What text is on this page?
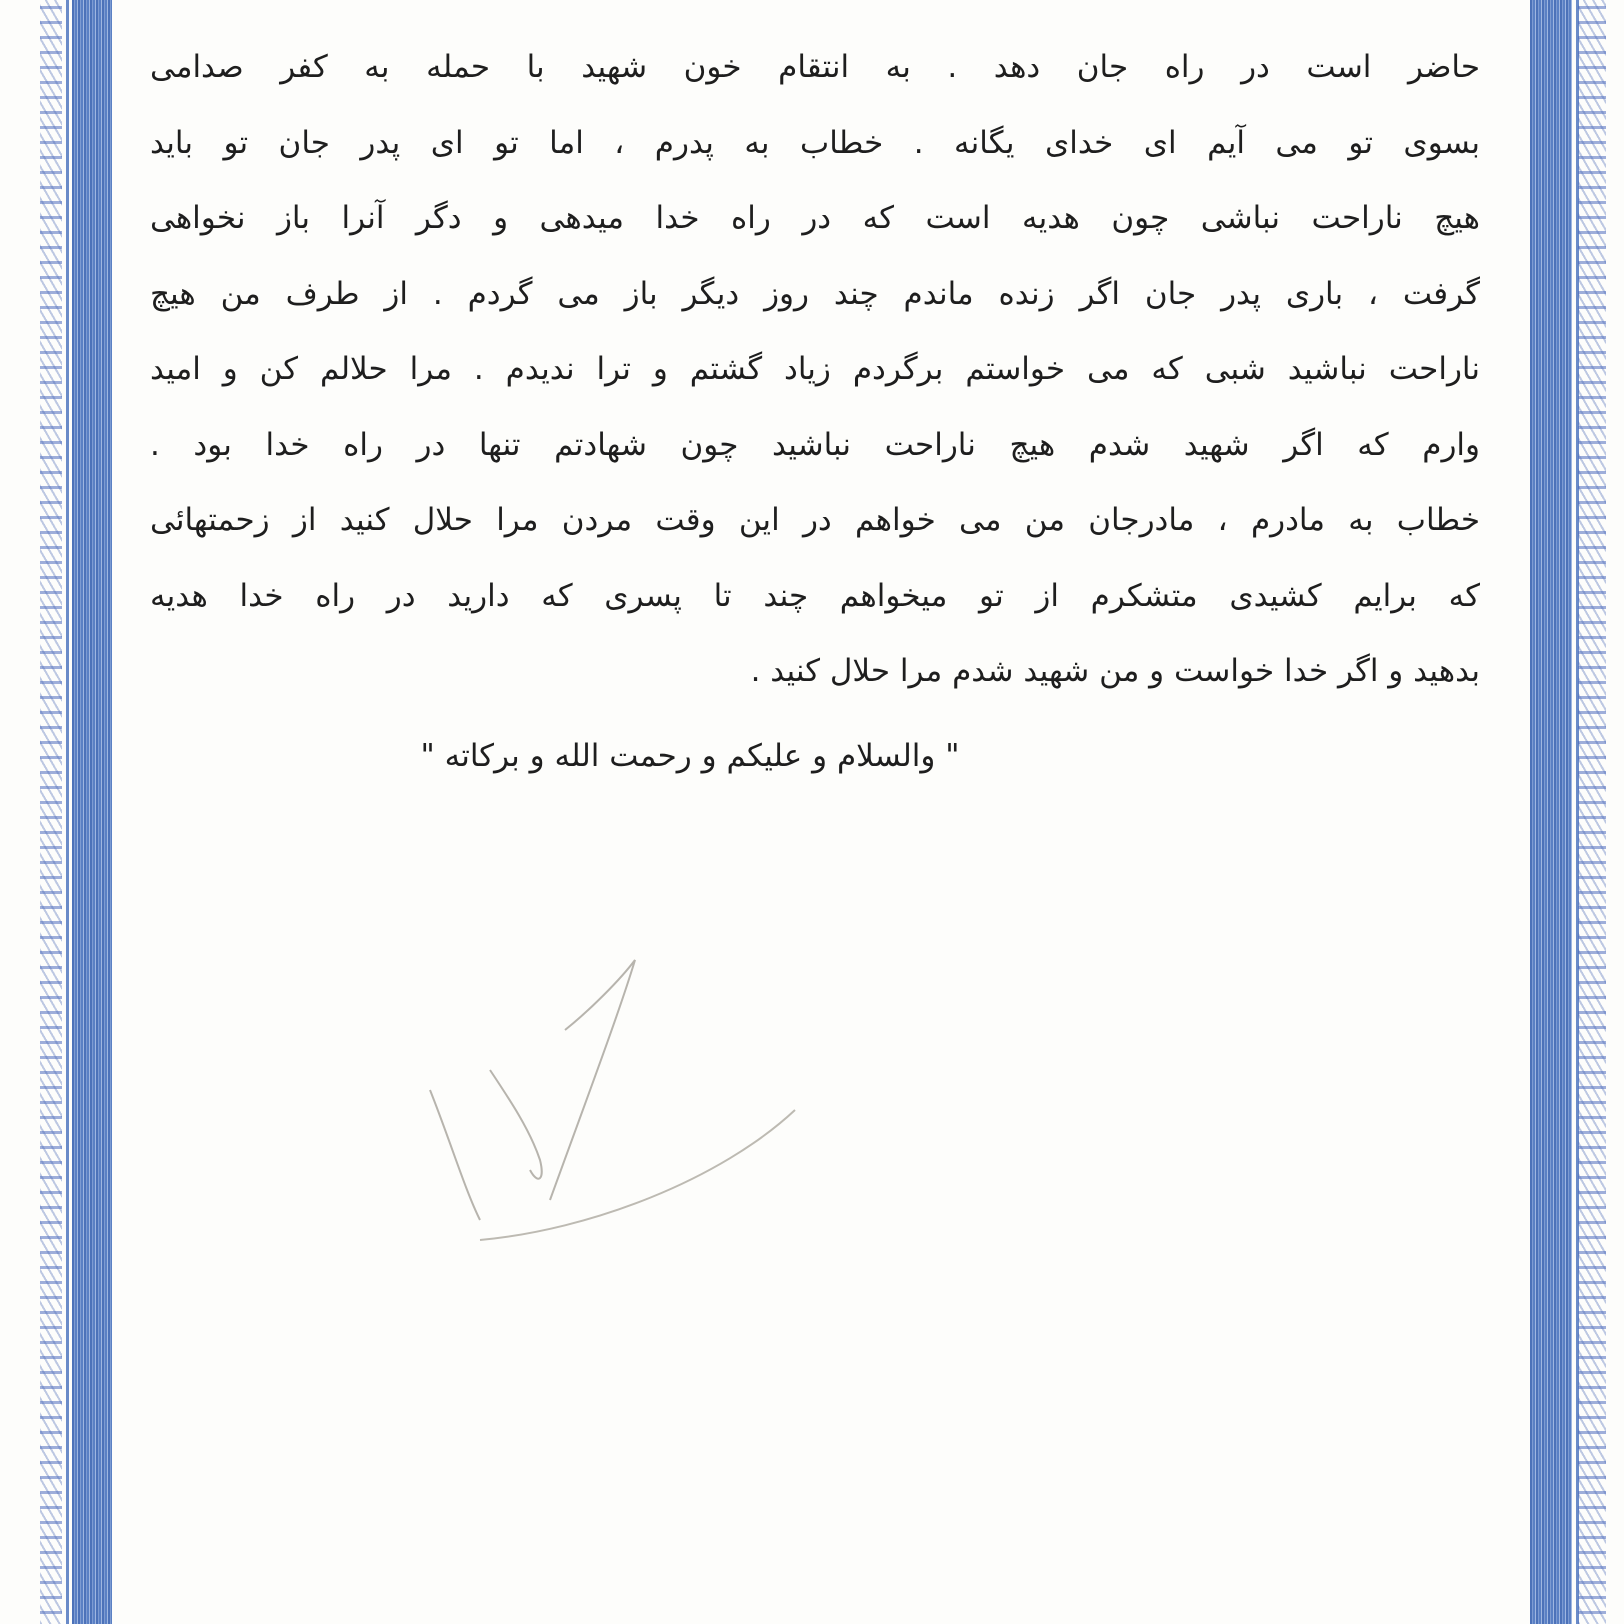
حاضر است در راه جان دهد . به انتقام خون شهید با حمله به کفر صدامی
بسوی تو می آیم ای خدای یگانه . خطاب به پدرم ، اما تو ای پدر جان تو باید
هیچ ناراحت نباشی چون هدیه است که در راه خدا میدهی و دگر آنرا باز نخواهی
گرفت ، باری پدر جان اگر زنده ماندم چند روز دیگر باز می گردم . از طرف من هیچ
ناراحت نباشید شبی که می خواستم برگردم زیاد گشتم و ترا ندیدم . مرا حلالم کن و امید
وارم که اگر شهید شدم هیچ ناراحت نباشید چون شهادتم تنها در راه خدا بود .
خطاب به مادرم ، مادرجان من می خواهم در این وقت مردن مرا حلال کنید از زحمتهائی
که برایم کشیدی متشکرم از تو میخواهم چند تا پسری که دارید در راه خدا هدیه
بدهید و اگر خدا خواست و من شهید شدم مرا حلال کنید .
" والسلام و علیکم و رحمت الله و برکاته "
